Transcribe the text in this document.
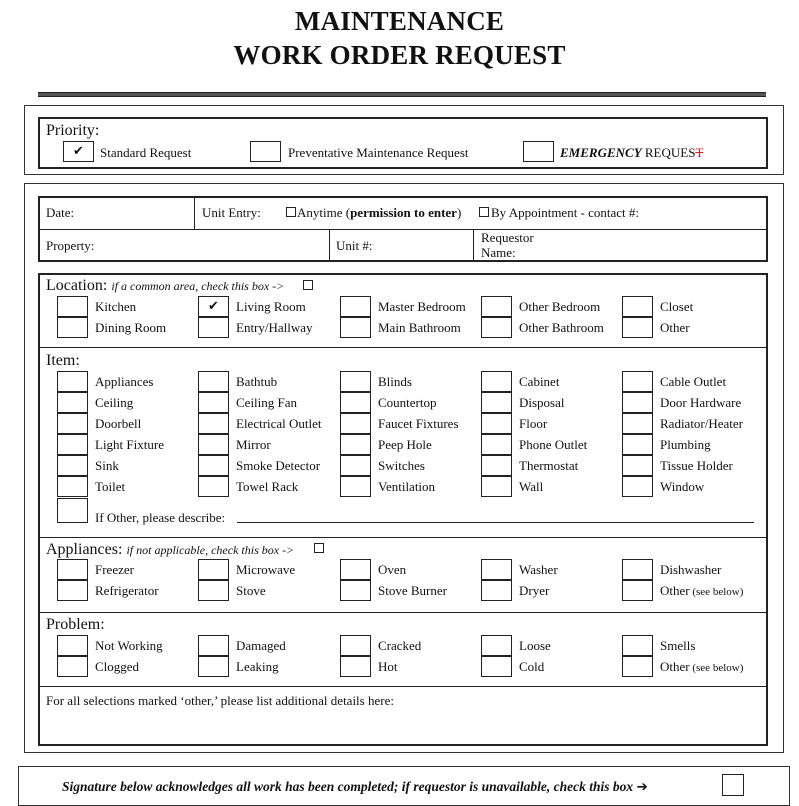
MAINTENANCE
WORK ORDER REQUEST
Priority:
✔	Standard Request	Preventative Maintenance Request	EMERGENCY REQUEST
Date:	Unit Entry:	Anytime (permission to enter) By Appointment - contact #:
Property:	Unit #:
Requestor
Name:
Location: if a common area, check this box ->
Kitchen	✔	Living Room	Master Bedroom	Other Bedroom	Closet
Dining Room	Entry/Hallway	Main Bathroom	Other Bathroom	Other
Item:
Appliances	Bathtub	Blinds	Cabinet	Cable Outlet
Ceiling	Ceiling Fan	Countertop	Disposal	Door Hardware
Doorbell	Electrical Outlet	Faucet Fixtures	Floor	Radiator/Heater
Light Fixture	Mirror	Peep Hole	Phone Outlet	Plumbing
Sink	Smoke Detector	Switches	Thermostat	Tissue Holder
Toilet	Towel Rack	Ventilation	Wall	Window
If Other, please describe:
Appliances: if not applicable, check this box ->
Freezer	Microwave	Oven	Washer	Dishwasher
Refrigerator	Stove	Stove Burner	Dryer	Other (see below)
Problem:
Not Working	Damaged	Cracked	Loose	Smells
Clogged	Leaking	Hot	Cold	Other (see below)
For all selections marked ‘other,’ please list additional details here:
Signature below acknowledges all work has been completed; if requestor is unavailable, check this box ➔
